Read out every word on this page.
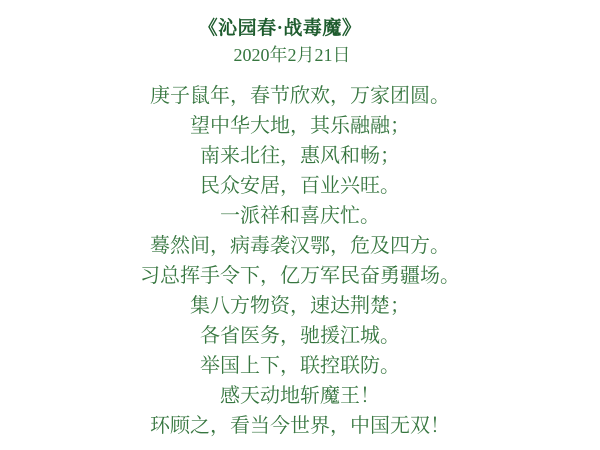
《沁园春·战毒魔》
2020年2月21日
庚子鼠年，春节欣欢，万家团圆。
望中华大地，其乐融融；
南来北往，惠风和畅；
民众安居，百业兴旺。
一派祥和喜庆忙。
蓦然间，病毒袭汉鄂，危及四方。
习总挥手令下，亿万军民奋勇疆场。
集八方物资，速达荆楚；
各省医务，驰援江城。
举国上下，联控联防。
感天动地斩魔王！
环顾之，看当今世界，中国无双！
